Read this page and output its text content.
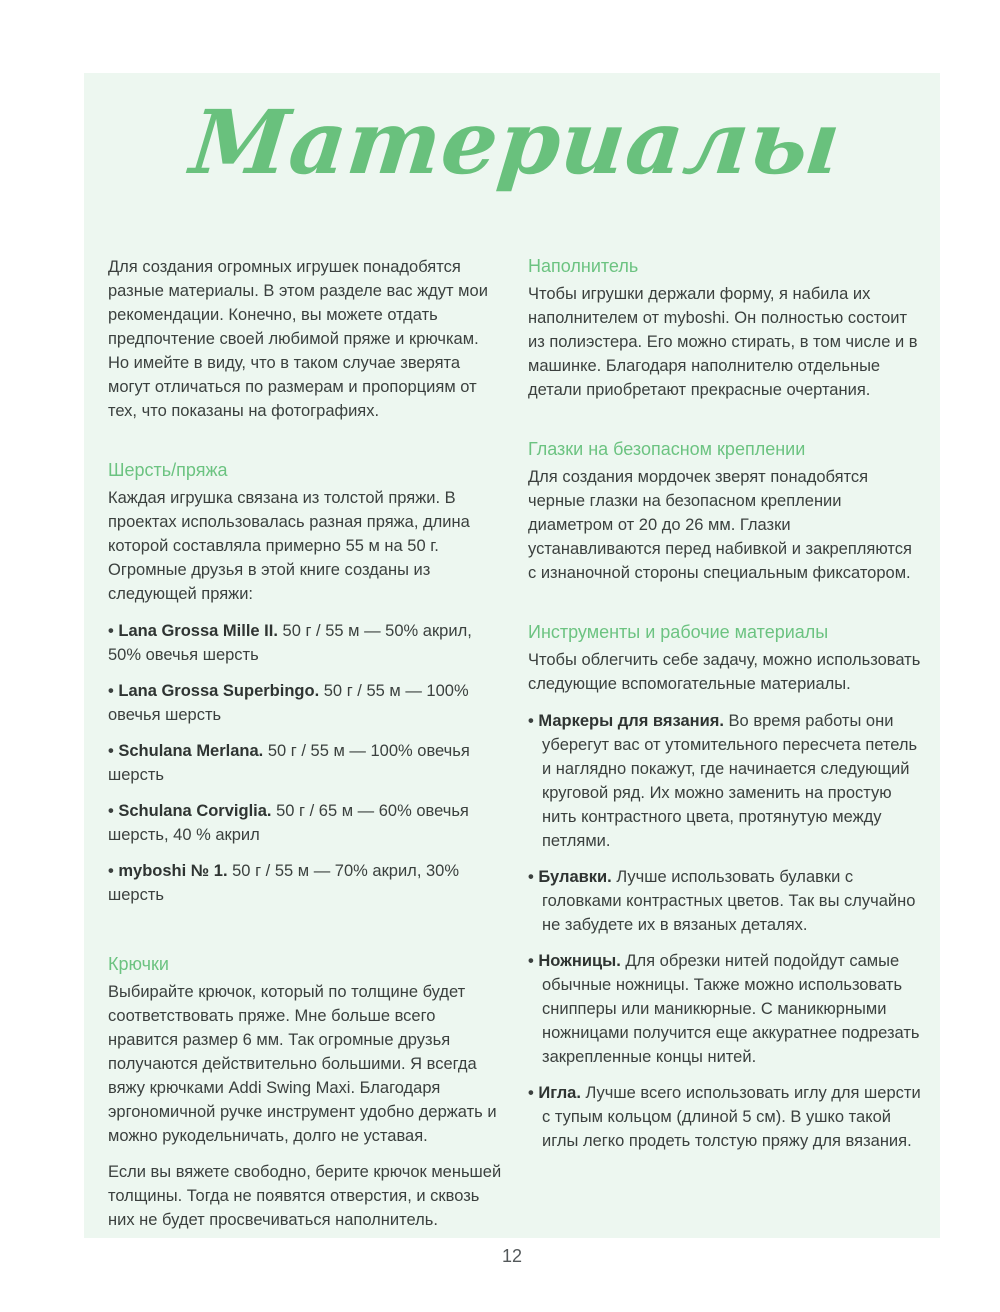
Материалы

Для создания огромных игрушек понадобятся разные материалы. В этом разделе вас ждут мои рекомендации. Конечно, вы можете отдать предпочтение своей любимой пряже и крючкам. Но имейте в виду, что в таком случае зверята могут отличаться по размерам и пропорциям от тех, что показаны на фотографиях.

Шерсть/пряжа

Каждая игрушка связана из толстой пряжи. В проектах использовалась разная пряжа, длина которой составляла примерно 55 м на 50 г. Огромные друзья в этой книге созданы из следующей пряжи:

• Lana Grossa Mille II. 50 г / 55 м — 50% акрил, 50% овечья шерсть
• Lana Grossa Superbingo. 50 г / 55 м — 100% овечья шерсть
• Schulana Merlana. 50 г / 55 м — 100% овечья шерсть
• Schulana Corviglia. 50 г / 65 м — 60% овечья шерсть, 40 % акрил
• myboshi № 1. 50 г / 55 м — 70% акрил, 30% шерсть
Крючки

Выбирайте крючок, который по толщине будет соответствовать пряже. Мне больше всего нравится размер 6 мм. Так огромные друзья получаются действительно большими. Я всегда вяжу крючками Addi Swing Maxi. Благодаря эргономичной ручке инструмент удобно держать и можно рукодельничать, долго не уставая.

Если вы вяжете свободно, берите крючок меньшей толщины. Тогда не появятся отверстия, и сквозь них не будет просвечиваться наполнитель.

Наполнитель

Чтобы игрушки держали форму, я набила их наполнителем от myboshi. Он полностью состоит из полиэстера. Его можно стирать, в том числе и в машинке. Благодаря наполнителю отдельные детали приобретают прекрасные очертания.

Глазки на безопасном креплении

Для создания мордочек зверят понадобятся черные глазки на безопасном креплении диаметром от 20 до 26 мм. Глазки устанавливаются перед набивкой и закрепляются с изнаночной стороны специальным фиксатором.

Инструменты и рабочие материалы

Чтобы облегчить себе задачу, можно использовать следующие вспомогательные материалы.

• Маркеры для вязания. Во время работы они уберегут вас от утомительного пересчета петель и наглядно покажут, где начинается следующий круговой ряд. Их можно заменить на простую нить контрастного цвета, протянутую между петлями.
• Булавки. Лучше использовать булавки с головками контрастных цветов. Так вы случайно не забудете их в вязаных деталях.
• Ножницы. Для обрезки нитей подойдут самые обычные ножницы. Также можно использовать снипперы или маникюрные. С маникюрными ножницами получится еще аккуратнее подрезать закрепленные концы нитей.
• Игла. Лучше всего использовать иглу для шерсти с тупым кольцом (длиной 5 см). В ушко такой иглы легко продеть толстую пряжу для вязания.
12
